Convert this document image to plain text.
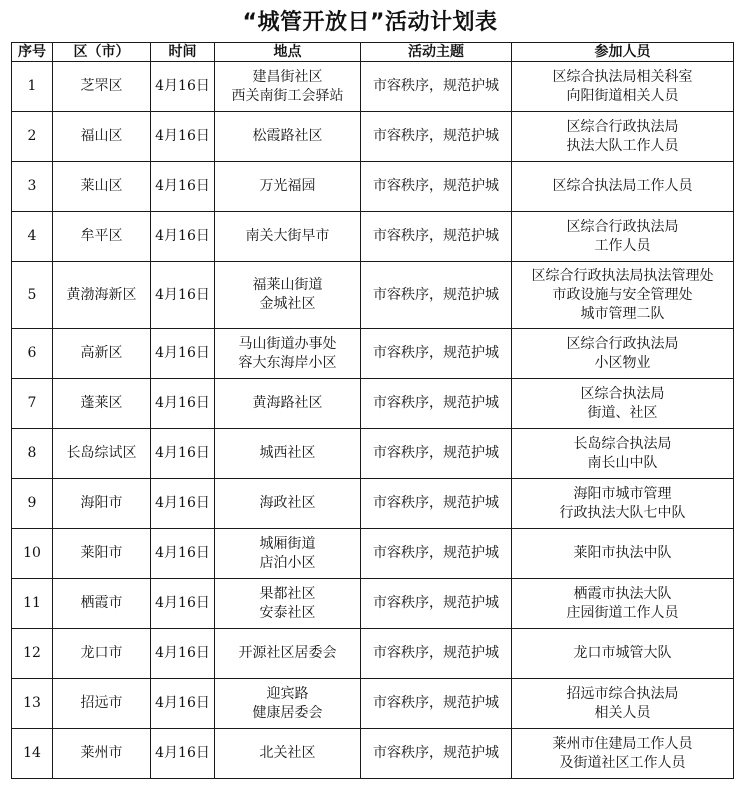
“城管开放日”活动计划表
序号	区（市）	时间	地点	活动主题	参加人员
1	芝罘区	4月16日	建昌街社区
西关南街工会驿站	市容秩序，规范护城	区综合执法局相关科室
向阳街道相关人员

2	福山区	4月16日	松霞路社区	市容秩序，规范护城	区综合行政执法局
执法大队工作人员

3	莱山区	4月16日	万光福园	市容秩序，规范护城	区综合执法局工作人员

4	牟平区	4月16日	南关大街早市	市容秩序，规范护城	区综合行政执法局
工作人员

5	黄渤海新区	4月16日	福莱山街道
金城社区	市容秩序，规范护城	区综合行政执法局执法管理处
市政设施与安全管理处
城市管理二队

6	高新区	4月16日	马山街道办事处
容大东海岸小区	市容秩序，规范护城	区综合行政执法局
小区物业

7	蓬莱区	4月16日	黄海路社区	市容秩序，规范护城	区综合执法局
街道、社区

8	长岛综试区	4月16日	城西社区	市容秩序，规范护城	长岛综合执法局
南长山中队

9	海阳市	4月16日	海政社区	市容秩序，规范护城	海阳市城市管理
行政执法大队七中队

10	莱阳市	4月16日	城厢街道
店泊小区	市容秩序，规范护城	莱阳市执法中队

11	栖霞市	4月16日	果都社区
安泰社区	市容秩序，规范护城	栖霞市执法大队
庄园街道工作人员

12	龙口市	4月16日	开源社区居委会	市容秩序，规范护城	龙口市城管大队

13	招远市	4月16日	迎宾路
健康居委会	市容秩序，规范护城	招远市综合执法局
相关人员

14	莱州市	4月16日	北关社区	市容秩序，规范护城	莱州市住建局工作人员
及街道社区工作人员
